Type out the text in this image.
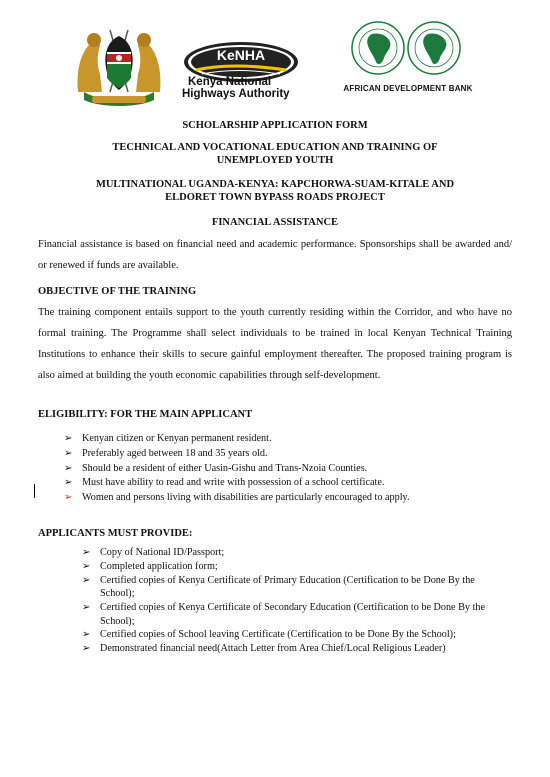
KeNHA
Kenya National
Highways Authority	AFRICAN DEVELOPMENT BANK
SCHOLARSHIP APPLICATION FORM
TECHNICAL AND VOCATIONAL EDUCATION AND TRAINING OF UNEMPLOYED YOUTH
MULTINATIONAL UGANDA-KENYA: KAPCHORWA-SUAM-KITALE AND ELDORET TOWN BYPASS ROADS PROJECT
FINANCIAL ASSISTANCE
Financial assistance is based on financial need and academic performance. Sponsorships shall be awarded and/ or renewed if funds are available.
OBJECTIVE OF THE TRAINING
The training component entails support to the youth currently residing within the Corridor, and who have no formal training. The Programme shall select individuals to be trained in local Kenyan Technical Training Institutions to enhance their skills to secure gainful employment thereafter. The proposed training program is also aimed at building the youth economic capabilities through self-development.
ELIGIBILITY: FOR THE MAIN APPLICANT
➢ Kenyan citizen or Kenyan permanent resident.
➢ Preferably aged between 18 and 35 years old.
➢ Should be a resident of either Uasin-Gishu and Trans-Nzoia Counties.
➢ Must have ability to read and write with possession of a school certificate.
➢ Women and persons living with disabilities are particularly encouraged to apply.
APPLICANTS MUST PROVIDE:
➢ Copy of National ID/Passport;
➢ Completed application form;
➢ Certified copies of Kenya Certificate of Primary Education (Certification to be Done By the School);
➢ Certified copies of Kenya Certificate of Secondary Education (Certification to be Done By the School);
➢ Certified copies of School leaving Certificate (Certification to be Done By the School);
➢ Demonstrated financial need(Attach Letter from Area Chief/Local Religious Leader)
